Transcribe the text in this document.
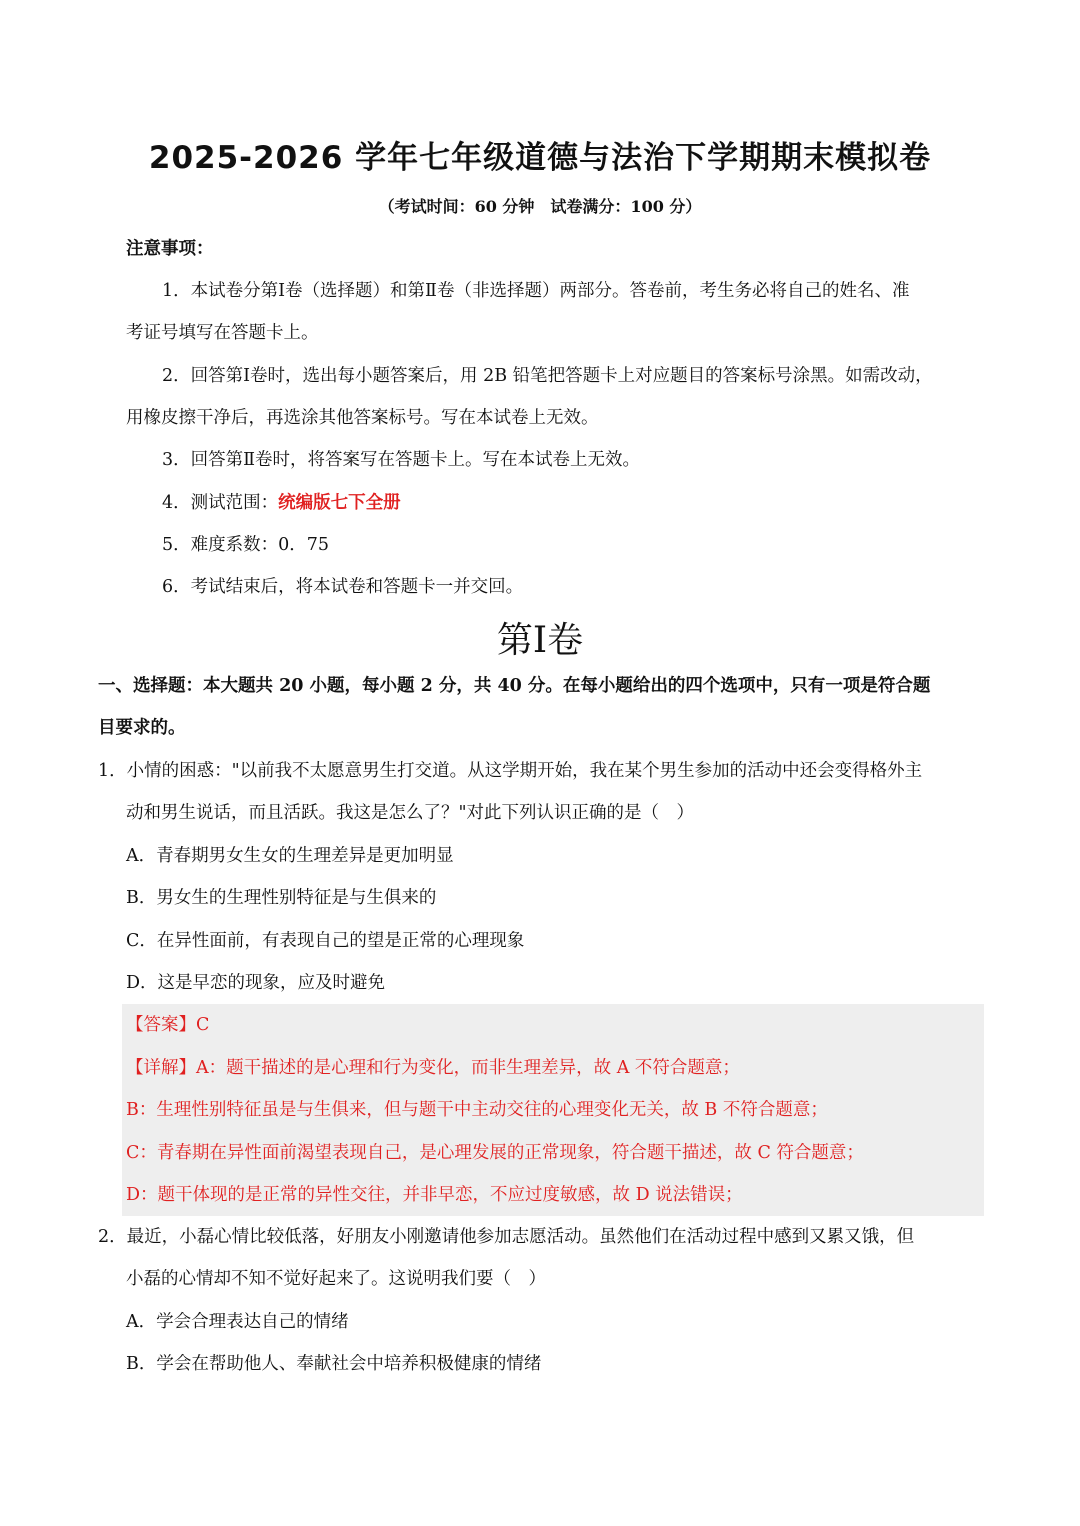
2025-2026 学年七年级道德与法治下学期期末模拟卷
（考试时间：60 分钟　试卷满分：100 分）
注意事项：
1．本试卷分第Ⅰ卷（选择题）和第Ⅱ卷（非选择题）两部分。答卷前，考生务必将自己的姓名、准
考证号填写在答题卡上。
2．回答第Ⅰ卷时，选出每小题答案后，用 2B 铅笔把答题卡上对应题目的答案标号涂黑。如需改动，
用橡皮擦干净后，再选涂其他答案标号。写在本试卷上无效。
3．回答第Ⅱ卷时，将答案写在答题卡上。写在本试卷上无效。
4．测试范围：统编版七下全册
5．难度系数：0．75
6．考试结束后，将本试卷和答题卡一并交回。
第Ⅰ卷
一、选择题：本大题共 20 小题，每小题 2 分，共 40 分。在每小题给出的四个选项中，只有一项是符合题
目要求的。
1．小情的困惑："以前我不太愿意男生打交道。从这学期开始，我在某个男生参加的活动中还会变得格外主
动和男生说话，而且活跃。我这是怎么了？"对此下列认识正确的是（　）
A．青春期男女生女的生理差异是更加明显
B．男女生的生理性别特征是与生俱来的
C．在异性面前，有表现自己的望是正常的心理现象
D．这是早恋的现象，应及时避免
【答案】C
【详解】A：题干描述的是心理和行为变化，而非生理差异，故 A 不符合题意；
B：生理性别特征虽是与生俱来，但与题干中主动交往的心理变化无关，故 B 不符合题意；
C：青春期在异性面前渴望表现自己，是心理发展的正常现象，符合题干描述，故 C 符合题意；
D：题干体现的是正常的异性交往，并非早恋，不应过度敏感，故 D 说法错误；
2．最近，小磊心情比较低落，好朋友小刚邀请他参加志愿活动。虽然他们在活动过程中感到又累又饿，但
小磊的心情却不知不觉好起来了。这说明我们要（　）
A．学会合理表达自己的情绪
B．学会在帮助他人、奉献社会中培养积极健康的情绪
